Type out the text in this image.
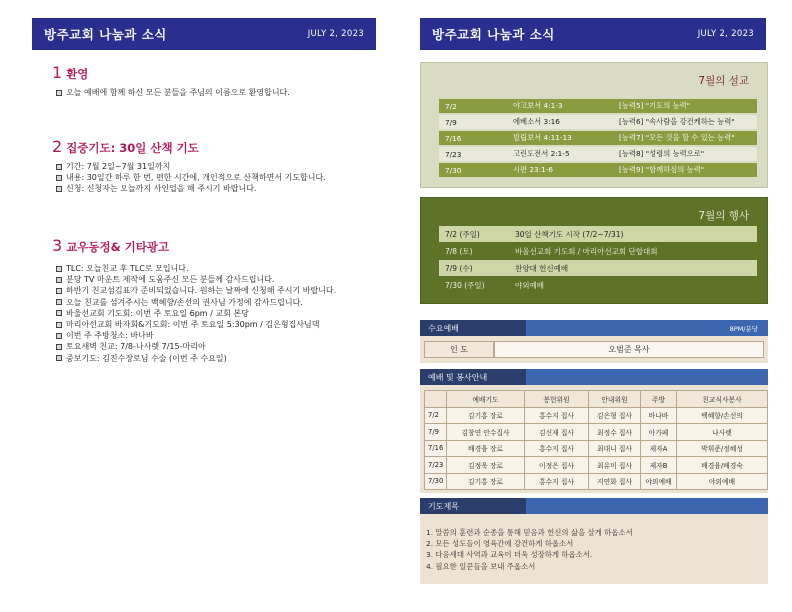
방주교회 나눔과 소식	JULY 2, 2023
1 환영
오늘 예배에 함께 하신 모든 분들을 주님의 이름으로 환영합니다.
2 집중기도: 30일 산책 기도
기간: 7월 2일~7월 31일까지
내용: 30일간 하루 한 번, 편한 시간에, 개인적으로 산책하면서 기도합니다.
신청: 신청자는 오늘까지 사인업을 해 주시기 바랍니다.
3 교우동정& 기타광고
TLC: 오늘친교 후 TLC로 모입니다.
분당 TV 마운트 제작에 도움주신 모든 분들께 감사드립니다.
하반기 친교섬김표가 준비되었습니다. 원하는 날짜에 신청해 주시기 바랍니다.
오늘 친교를 섬겨주시는 백혜향/손선의 권사님 가정에 감사드립니다.
바울선교회 기도회: 이번 주 토요일 6pm / 교회 본당
마리아선교회 바자회&기도회: 이번 주 토요일 5:30pm / 김은형집사님댁
이번 주 주방청소: 바나바
토요새벽 친교: 7/8-나사렛 7/15-마리아
중보기도: 김진수장로님 수술 (이번 주 수요일)
방주교회 나눔과 소식	JULY 2, 2023
7월의 설교
7/2	야고보서 4:1-3	[능력5] "기도의 능력"
7/9	에베소서 3:16	[능력6] "속사람을 강건케하는 능력"
7/16	빌립보서 4:11-13	[능력7] "모든 것을 할 수 있는 능력"
7/23	고린도전서 2:1-5	[능력8] "성령의 능력으로"
7/30	시편 23:1-6	[능력9] "함께하심의 능력"
7월의 행사
7/2 (주일)	30일 산책기도 시작 (7/2~7/31)
7/8 (토)	바울선교회 기도회 / 마리아선교회 단합대회
7/9 (수)	찬양대 헌신예배
7/30 (주일)	야외예배
수요예배	8PM/분당
인 도	오범준 목사
예배 및 봉사안내
	예배기도	봉헌위원	안내위원	주방	친교식사봉사
7/2	김기홍 장로	홍수지 집사	김은형 집사	바나바	백혜향/손선의
7/9	김창연 안수집사	김신재 집사	최정수 집사	아가페	나사렛
7/16	배경융 장로	홍수지 집사	최대니 집사	제자A	박휘준/정혜성
7/23	김정욱 장로	이정은 집사	최유미 집사	제자B	배경융/배경숙
7/30	김기홍 장로	홍수지 집사	지연화 집사	야외예배	야외예배
기도제목
1. 말씀의 훈련과 순종을 통해 믿음과 헌신의 삶을 살게 하옵소서
2. 모든 성도들이 영육간에 강건하게 하옵소서
3. 다음세대 사역과 교육이 더욱 성장하게 하옵소서.
4. 필요한 일꾼들을 보내 주옵소서
